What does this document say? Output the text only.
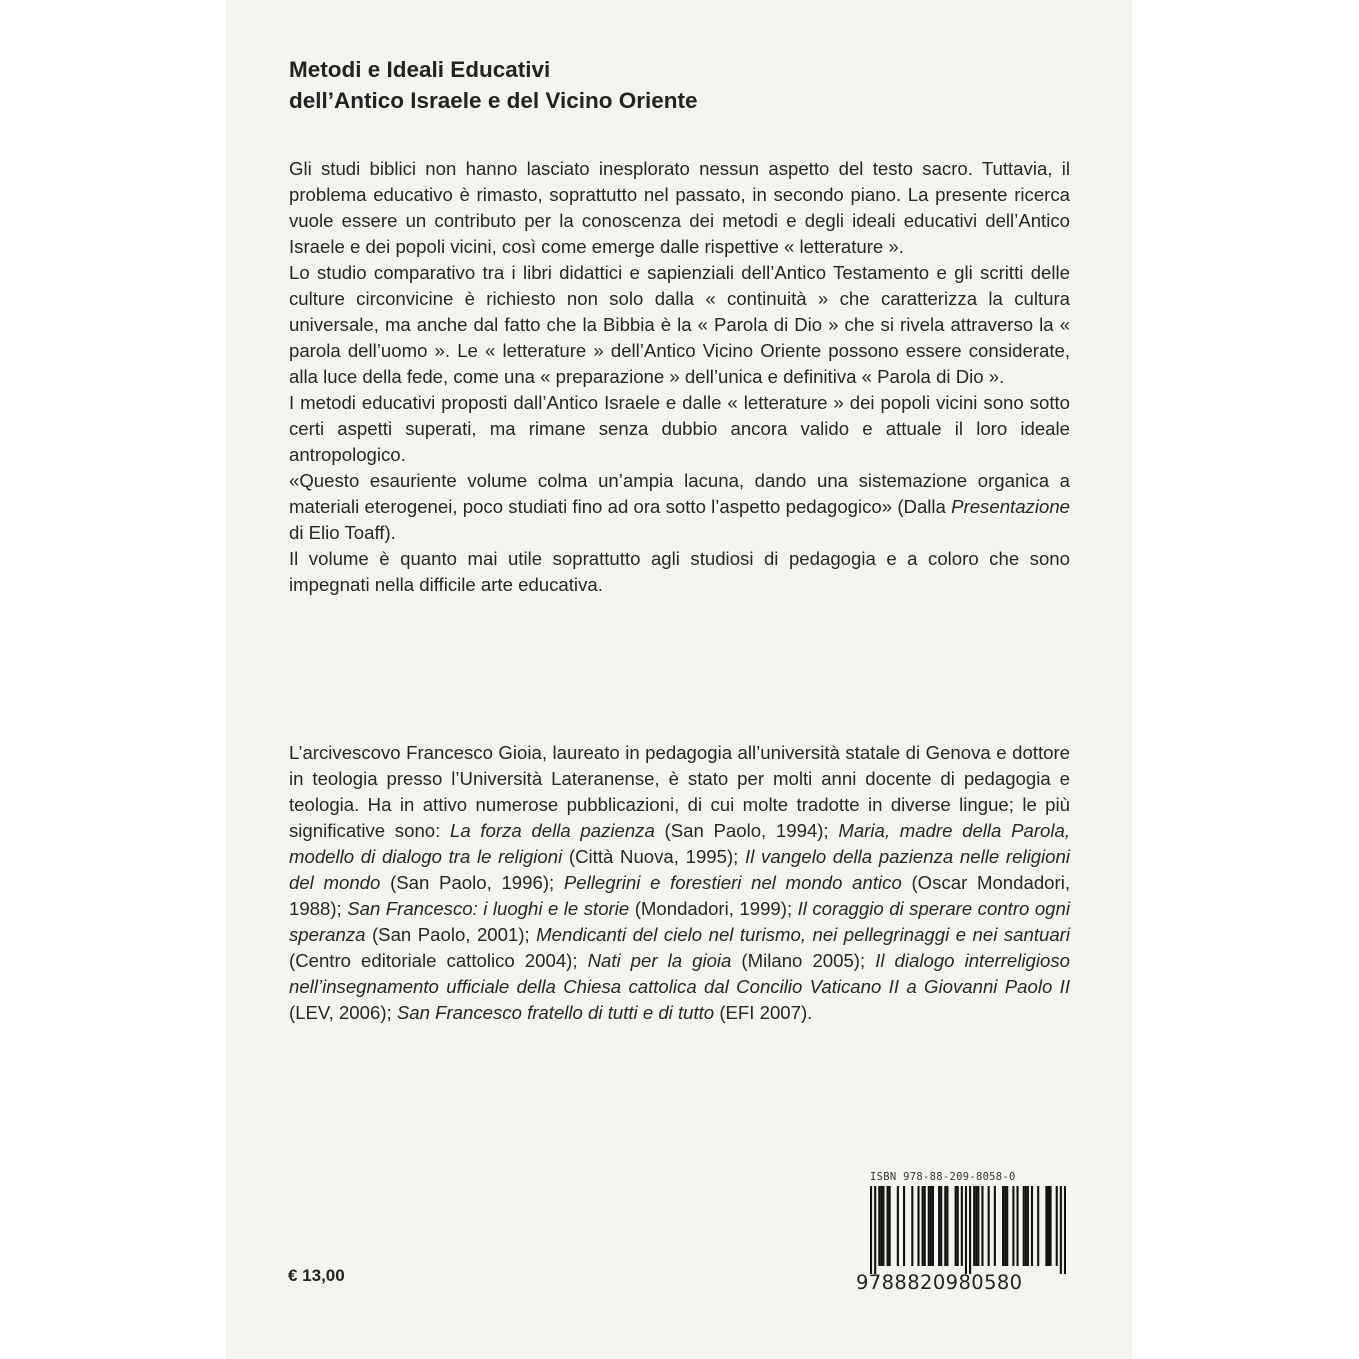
Metodi e Ideali Educativi
dell’Antico Israele e del Vicino Oriente

Gli studi biblici non hanno lasciato inesplorato nessun aspetto del testo sacro. Tuttavia, il problema educativo è rimasto, soprattutto nel passato, in secondo piano. La presente ricerca vuole essere un contributo per la conoscenza dei metodi e degli ideali educativi dell’Antico Israele e dei popoli vicini, così come emerge dalle rispettive « letterature ».

Lo studio comparativo tra i libri didattici e sapienziali dell’Antico Testamento e gli scritti delle culture circonvicine è richiesto non solo dalla « continuità » che caratterizza la cultura universale, ma anche dal fatto che la Bibbia è la « Parola di Dio » che si rivela attraverso la « parola dell’uomo ». Le « letterature » dell’Antico Vicino Oriente possono essere considerate, alla luce della fede, come una « preparazione » dell’unica e definitiva « Parola di Dio ».

I metodi educativi proposti dall’Antico Israele e dalle « letterature » dei popoli vicini sono sotto certi aspetti superati, ma rimane senza dubbio ancora valido e attuale il loro ideale antropologico.

«Questo esauriente volume colma un’ampia lacuna, dando una sistemazione organica a materiali eterogenei, poco studiati fino ad ora sotto l’aspetto pedagogico» (Dalla Presentazione di Elio Toaff).

Il volume è quanto mai utile soprattutto agli studiosi di pedagogia e a coloro che sono impegnati nella difficile arte educativa.

L’arcivescovo Francesco Gioia, laureato in pedagogia all’università statale di Genova e dottore in teologia presso l’Università Lateranense, è stato per molti anni docente di pedagogia e teologia. Ha in attivo numerose pubblicazioni, di cui molte tradotte in diverse lingue; le più significative sono: La forza della pazienza (San Paolo, 1994); Maria, madre della Parola, modello di dialogo tra le religioni (Città Nuova, 1995); Il vangelo della pazienza nelle religioni del mondo (San Paolo, 1996); Pellegrini e forestieri nel mondo antico (Oscar Mondadori, 1988); San Francesco: i luoghi e le storie (Mondadori, 1999); Il coraggio di sperare contro ogni speranza (San Paolo, 2001); Mendicanti del cielo nel turismo, nei pellegrinaggi e nei santuari (Centro editoriale cattolico 2004); Nati per la gioia (Milano 2005); Il dialogo interreligioso nell’insegnamento ufficiale della Chiesa cattolica dal Concilio Vaticano II a Giovanni Paolo II (LEV, 2006); San Francesco fratello di tutti e di tutto (EFI 2007).

€ 13,00
ISBN 978-88-209-8058-0
9788820980580
